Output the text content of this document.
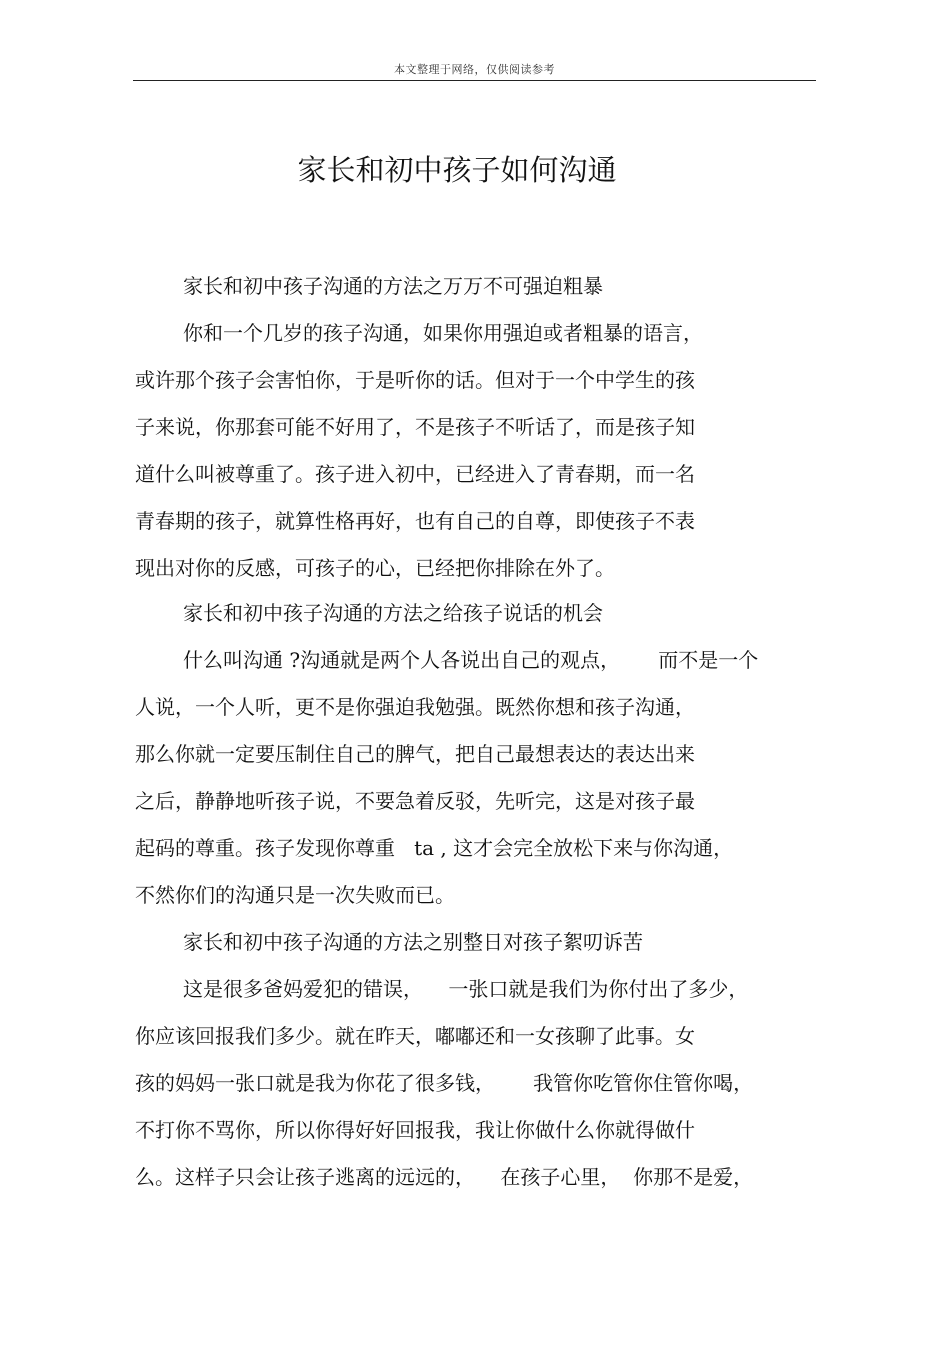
本文整理于网络，仅供阅读参考
家长和初中孩子如何沟通
家长和初中孩子沟通的方法之万万不可强迫粗暴
你和一个几岁的孩子沟通，如果你用强迫或者粗暴的语言，
或许那个孩子会害怕你，于是听你的话。但对于一个中学生的孩
子来说，你那套可能不好用了，不是孩子不听话了，而是孩子知
道什么叫被尊重了。孩子进入初中，已经进入了青春期，而一名
青春期的孩子，就算性格再好，也有自己的自尊，即使孩子不表
现出对你的反感，可孩子的心，已经把你排除在外了。
家长和初中孩子沟通的方法之给孩子说话的机会
什么叫沟通 ?沟通就是两个人各说出自己的观点，      而不是一个
人说，一个人听，更不是你强迫我勉强。既然你想和孩子沟通，
那么你就一定要压制住自己的脾气，把自己最想表达的表达出来
之后，静静地听孩子说，不要急着反驳，先听完，这是对孩子最
起码的尊重。孩子发现你尊重   ta , 这才会完全放松下来与你沟通，
不然你们的沟通只是一次失败而已。
家长和初中孩子沟通的方法之别整日对孩子絮叨诉苦
这是很多爸妈爱犯的错误，    一张口就是我们为你付出了多少，
你应该回报我们多少。就在昨天，嘟嘟还和一女孩聊了此事。女
孩的妈妈一张口就是我为你花了很多钱，      我管你吃管你住管你喝，
不打你不骂你，所以你得好好回报我，我让你做什么你就得做什
么。这样子只会让孩子逃离的远远的，    在孩子心里，  你那不是爱，
